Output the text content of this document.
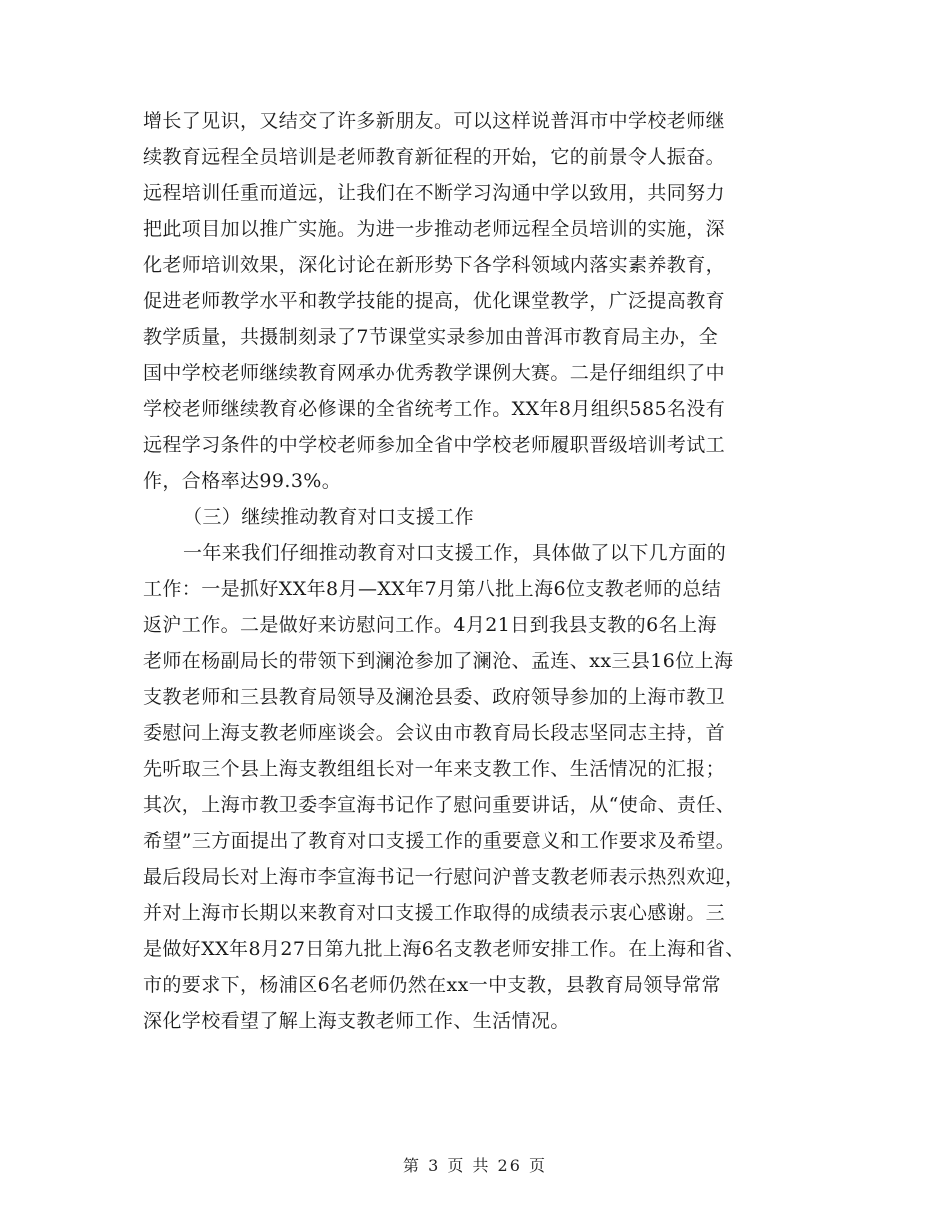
增长了见识，又结交了许多新朋友。可以这样说普洱市中学校老师继
续教育远程全员培训是老师教育新征程的开始，它的前景令人振奋。
远程培训任重而道远，让我们在不断学习沟通中学以致用，共同努力
把此项目加以推广实施。为进一步推动老师远程全员培训的实施，深
化老师培训效果，深化讨论在新形势下各学科领域内落实素养教育，
促进老师教学水平和教学技能的提高，优化课堂教学，广泛提高教育
教学质量，共摄制刻录了7节课堂实录参加由普洱市教育局主办，全
国中学校老师继续教育网承办优秀教学课例大赛。二是仔细组织了中
学校老师继续教育必修课的全省统考工作。XX年8月组织585名没有
远程学习条件的中学校老师参加全省中学校老师履职晋级培训考试工
作，合格率达99.3%。
（三）继续推动教育对口支援工作
一年来我们仔细推动教育对口支援工作，具体做了以下几方面的
工作：一是抓好XX年8月—XX年7月第八批上海6位支教老师的总结
返沪工作。二是做好来访慰问工作。4月21日到我县支教的6名上海
老师在杨副局长的带领下到澜沧参加了澜沧、孟连、xx三县16位上海
支教老师和三县教育局领导及澜沧县委、政府领导参加的上海市教卫
委慰问上海支教老师座谈会。会议由市教育局长段志坚同志主持，首
先听取三个县上海支教组组长对一年来支教工作、生活情况的汇报；
其次，上海市教卫委李宣海书记作了慰问重要讲话，从“使命、责任、
希望”三方面提出了教育对口支援工作的重要意义和工作要求及希望。
最后段局长对上海市李宣海书记一行慰问沪普支教老师表示热烈欢迎，
并对上海市长期以来教育对口支援工作取得的成绩表示衷心感谢。三
是做好XX年8月27日第九批上海6名支教老师安排工作。在上海和省、
市的要求下，杨浦区6名老师仍然在xx一中支教，县教育局领导常常
深化学校看望了解上海支教老师工作、生活情况。
第 3 页 共 26 页
